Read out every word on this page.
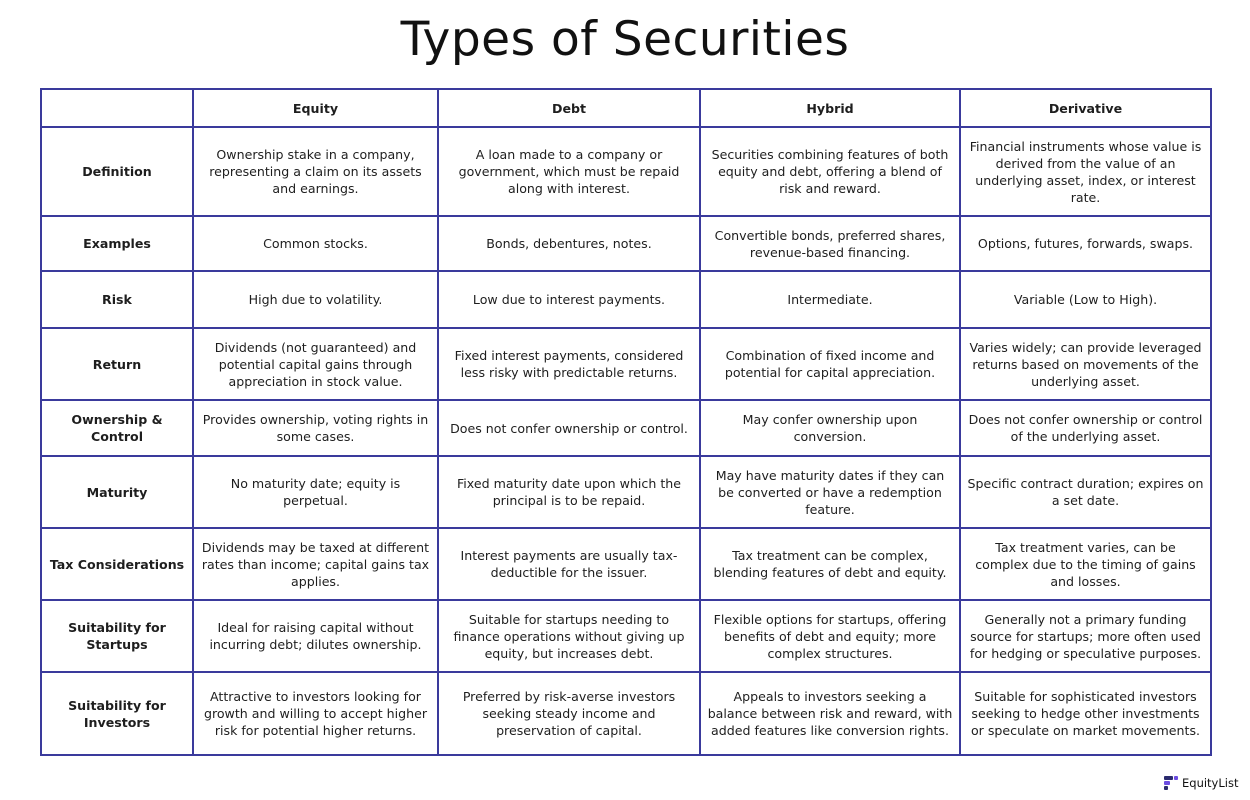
Types of Securities
	Equity	Debt	Hybrid	Derivative
Definition	Ownership stake in a company, representing a claim on its assets and earnings.	A loan made to a company or government, which must be repaid along with interest.	Securities combining features of both equity and debt, offering a blend of risk and reward.	Financial instruments whose value is derived from the value of an underlying asset, index, or interest rate.
Examples	Common stocks.	Bonds, debentures, notes.	Convertible bonds, preferred shares, revenue-based financing.	Options, futures, forwards, swaps.
Risk	High due to volatility.	Low due to interest payments.	Intermediate.	Variable (Low to High).
Return	Dividends (not guaranteed) and potential capital gains through appreciation in stock value.	Fixed interest payments, considered less risky with predictable returns.	Combination of fixed income and potential for capital appreciation.	Varies widely; can provide leveraged returns based on movements of the underlying asset.
Ownership & Control	Provides ownership, voting rights in some cases.	Does not confer ownership or control.	May confer ownership upon conversion.	Does not confer ownership or control of the underlying asset.
Maturity	No maturity date; equity is perpetual.	Fixed maturity date upon which the principal is to be repaid.	May have maturity dates if they can be converted or have a redemption feature.	Specific contract duration; expires on a set date.
Tax Considerations	Dividends may be taxed at different rates than income; capital gains tax applies.	Interest payments are usually tax-deductible for the issuer.	Tax treatment can be complex, blending features of debt and equity.	Tax treatment varies, can be complex due to the timing of gains and losses.
Suitability for Startups	Ideal for raising capital without incurring debt; dilutes ownership.	Suitable for startups needing to finance operations without giving up equity, but increases debt.	Flexible options for startups, offering benefits of debt and equity; more complex structures.	Generally not a primary funding source for startups; more often used for hedging or speculative purposes.
Suitability for Investors	Attractive to investors looking for growth and willing to accept higher risk for potential higher returns.	Preferred by risk-averse investors seeking steady income and preservation of capital.	Appeals to investors seeking a balance between risk and reward, with added features like conversion rights.	Suitable for sophisticated investors seeking to hedge other investments or speculate on market movements.
EquityList
